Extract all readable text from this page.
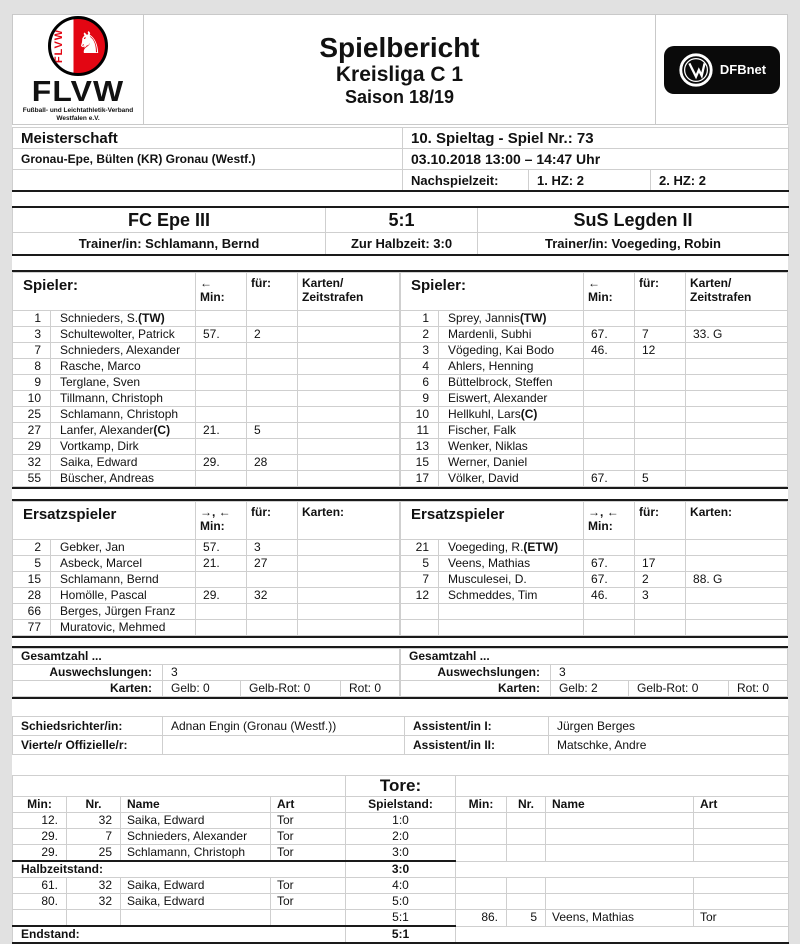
FLVW ♞
FLVW
Fußball- und Leichtathletik-Verband
Westfalen e.V.
Spielbericht
Kreisliga C 1
Saison 18/19
DFBnet
Meisterschaft	10. Spieltag - Spiel Nr.: 73		
Gronau-Epe, Bülten (KR) Gronau (Westf.)	03.10.2018 13:00 – 14:47 Uhr		
	Nachspielzeit:	1. HZ: 2	2. HZ: 2
FC Epe III	5:1	SuS Legden II
Trainer/in: Schlamann, Bernd	Zur Halbzeit: 3:0	Trainer/in: Voegeding, Robin
Spieler:		←
Min:	für:	Karten/
Zeitstrafen
1	Schnieders, S.(TW)			
3	Schultewolter, Patrick	57.	2	
7	Schnieders, Alexander			
8	Rasche, Marco			
9	Terglane, Sven			
10	Tillmann, Christoph			
25	Schlamann, Christoph			
27	Lanfer, Alexander(C)	21.	5	
29	Vortkamp, Dirk			
32	Saika, Edward	29.	28	
55	Büscher, Andreas			
Spieler:		←
Min:	für:	Karten/
Zeitstrafen
1	Sprey, Jannis(TW)			
2	Mardenli, Subhi	67.	7	33. G
3	Vögeding, Kai Bodo	46.	12	
4	Ahlers, Henning			
6	Büttelbrock, Steffen			
9	Eiswert, Alexander			
10	Hellkuhl, Lars(C)			
11	Fischer, Falk			
13	Wenker, Niklas			
15	Werner, Daniel			
17	Völker, David	67.	5	
Ersatzspieler		→, ←
Min:	für:	Karten:
2	Gebker, Jan	57.	3	
5	Asbeck, Marcel	21.	27	
15	Schlamann, Bernd			
28	Homölle, Pascal	29.	32	
66	Berges, Jürgen Franz			
77	Muratovic, Mehmed			
Ersatzspieler		→, ←
Min:	für:	Karten:
21	Voegeding, R.(ETW)			
5	Veens, Mathias	67.	17	
7	Musculesei, D.	67.	2	88. G
12	Schmeddes, Tim	46.	3	

Gesamtzahl ...			
Auswechslungen:	3		
Karten:	Gelb: 0	Gelb-Rot: 0	Rot: 0
Gesamtzahl ...			
Auswechslungen:	3		
Karten:	Gelb: 2	Gelb-Rot: 0	Rot: 0
Schiedsrichter/in:	Adnan Engin (Gronau (Westf.))	Assistent/in I:	Jürgen Berges
Vierte/r Offizielle/r:		Assistent/in II:	Matschke, Andre
				Tore:				
Min:	Nr.	Name	Art	Spielstand:	Min:	Nr.	Name	Art
12.	32	Saika, Edward	Tor	1:0				
29.	7	Schnieders, Alexander	Tor	2:0				
29.	25	Schlamann, Christoph	Tor	3:0				
Halbzeitstand:				3:0				
61.	32	Saika, Edward	Tor	4:0				
80.	32	Saika, Edward	Tor	5:0				
				5:1	86.	5	Veens, Mathias	Tor
Endstand:				5:1				
